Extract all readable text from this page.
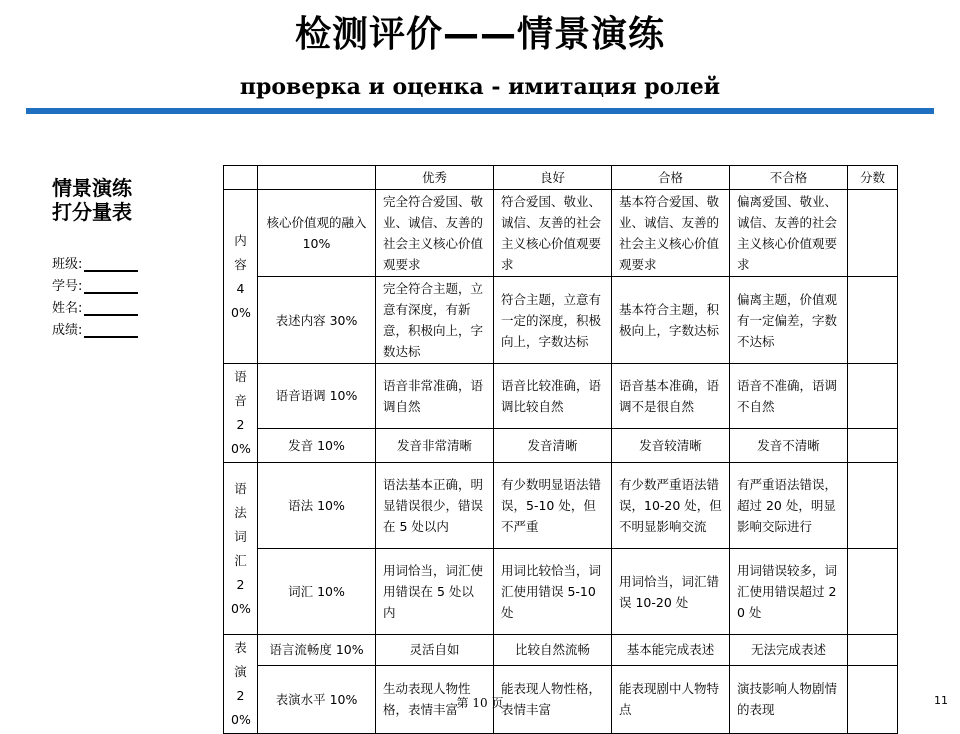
检测评价——情景演练
проверка и оценка - имитация ролей
情景演练
打分量表
班级:
学号:
姓名:
成绩:
		优秀	良好	合格	不合格	分数
内容40%	核心价值观的融入 10%	完全符合爱国、敬业、诚信、友善的社会主义核心价值观要求	符合爱国、敬业、诚信、友善的社会主义核心价值观要求	基本符合爱国、敬业、诚信、友善的社会主义核心价值观要求	偏离爱国、敬业、诚信、友善的社会主义核心价值观要求	
	表述内容 30%	完全符合主题，立意有深度，有新意，积极向上，字数达标	符合主题，立意有一定的深度，积极向上，字数达标	基本符合主题，积极向上，字数达标	偏离主题，价值观有一定偏差，字数不达标	
语音20%	语音语调 10%	语音非常准确，语调自然	语音比较准确，语调比较自然	语音基本准确，语调不是很自然	语音不准确，语调不自然	
	发音 10%	发音非常清晰	发音清晰	发音较清晰	发音不清晰	
语法词汇20%	语法 10%	语法基本正确，明显错误很少，错误在 5 处以内	有少数明显语法错误，5-10 处，但不严重	有少数严重语法错误，10-20 处，但不明显影响交流	有严重语法错误，超过 20 处，明显影响交际进行	
	词汇 10%	用词恰当，词汇使用错误在 5 处以内	用词比较恰当，词汇使用错误 5-10 处	用词恰当，词汇错误 10-20 处	用词错误较多，词汇使用错误超过 20 处	
表演20%	语言流畅度 10%	灵活自如	比较自然流畅	基本能完成表述	无法完成表述	
	表演水平 10%	生动表现人物性格，表情丰富	能表现人物性格，表情丰富	能表现剧中人物特点	演技影响人物剧情的表现	
第 10 页	11
